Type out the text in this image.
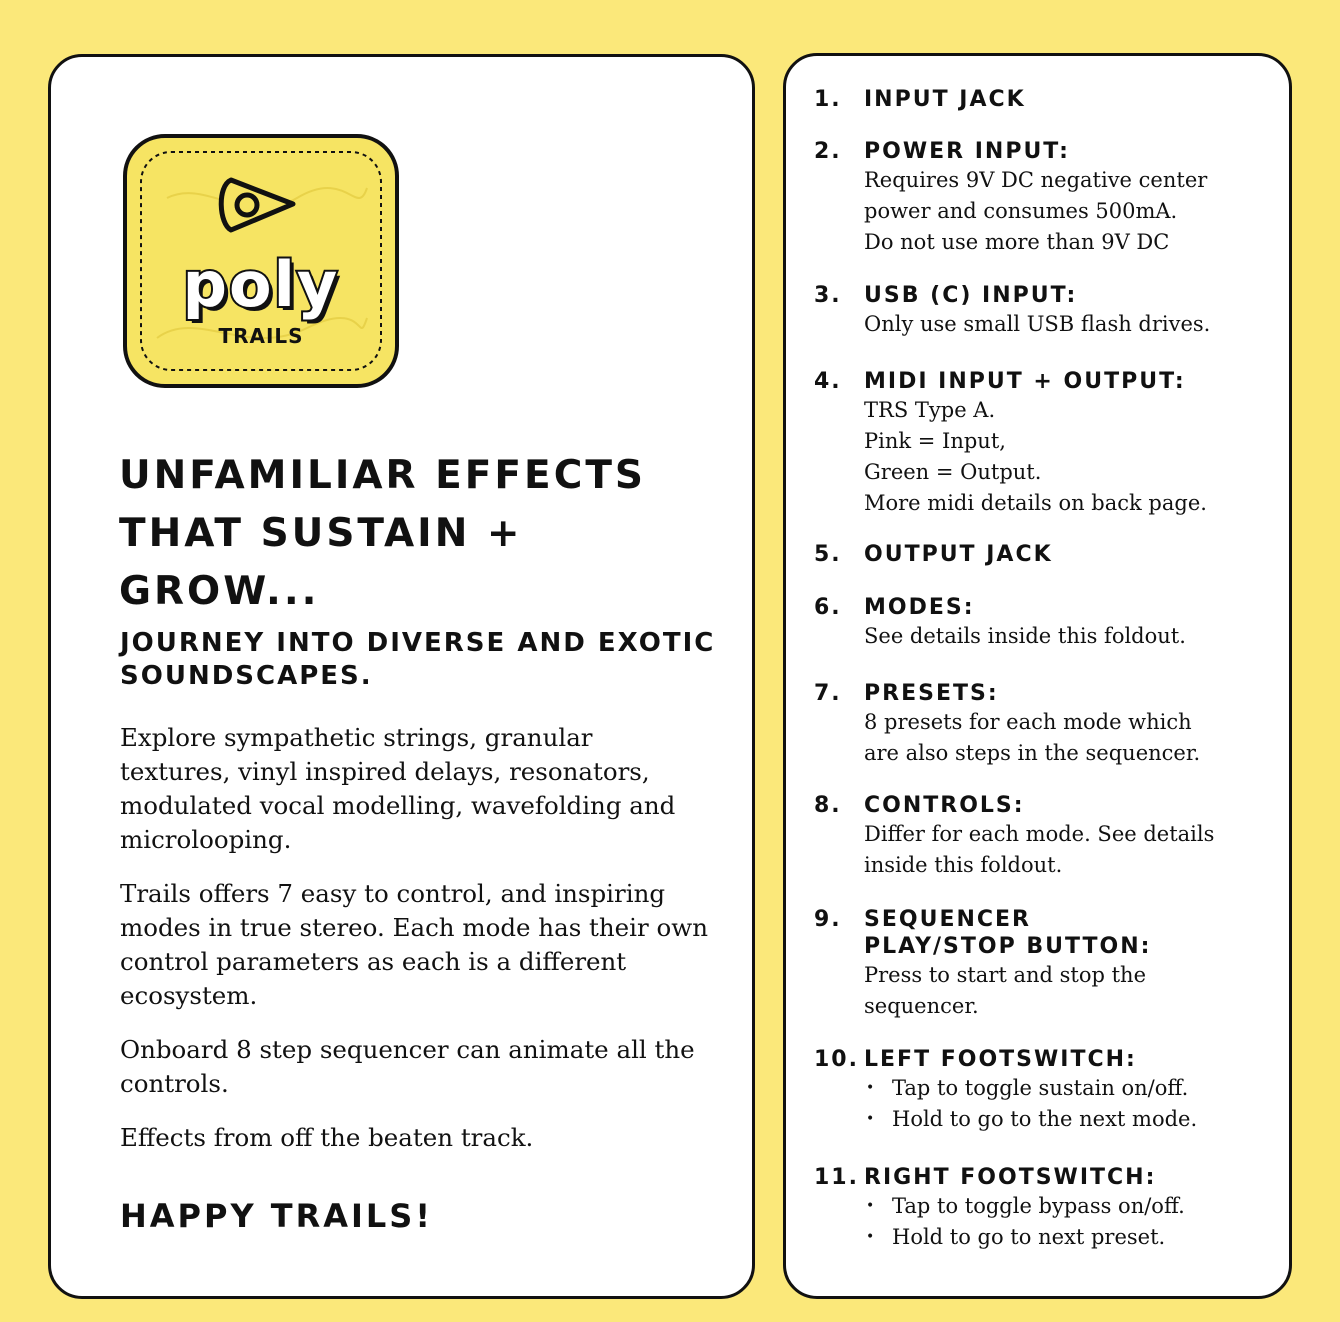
poly
TRAILS
UNFAMILIAR EFFECTS THAT SUSTAIN + GROW...
JOURNEY INTO DIVERSE AND EXOTIC SOUNDSCAPES.

Explore sympathetic strings, granular textures, vinyl inspired delays, resonators, modulated vocal modelling, wavefolding and microlooping.

Trails offers 7 easy to control, and inspiring modes in true stereo. Each mode has their own control parameters as each is a different ecosystem.

Onboard 8 step sequencer can animate all the controls.

Effects from off the beaten track.

HAPPY TRAILS!
1.	INPUT JACK
2.	POWER INPUT:
Requires 9V DC negative center
power and consumes 500mA.
Do not use more than 9V DC
3.	USB (C) INPUT:
Only use small USB flash drives.
4.	MIDI INPUT + OUTPUT:
TRS Type A.
Pink = Input,
Green = Output.
More midi details on back page.
5.	OUTPUT JACK
6.	MODES:
See details inside this foldout.
7.	PRESETS:
8 presets for each mode which
are also steps in the sequencer.
8.	CONTROLS:
Differ for each mode. See details
inside this foldout.
9.	SEQUENCER
PLAY/STOP BUTTON:
Press to start and stop the
sequencer.
10. LEFT FOOTSWITCH:
• Tap to toggle sustain on/off.
• Hold to go to the next mode.
11. RIGHT FOOTSWITCH:
• Tap to toggle bypass on/off.
• Hold to go to next preset.
